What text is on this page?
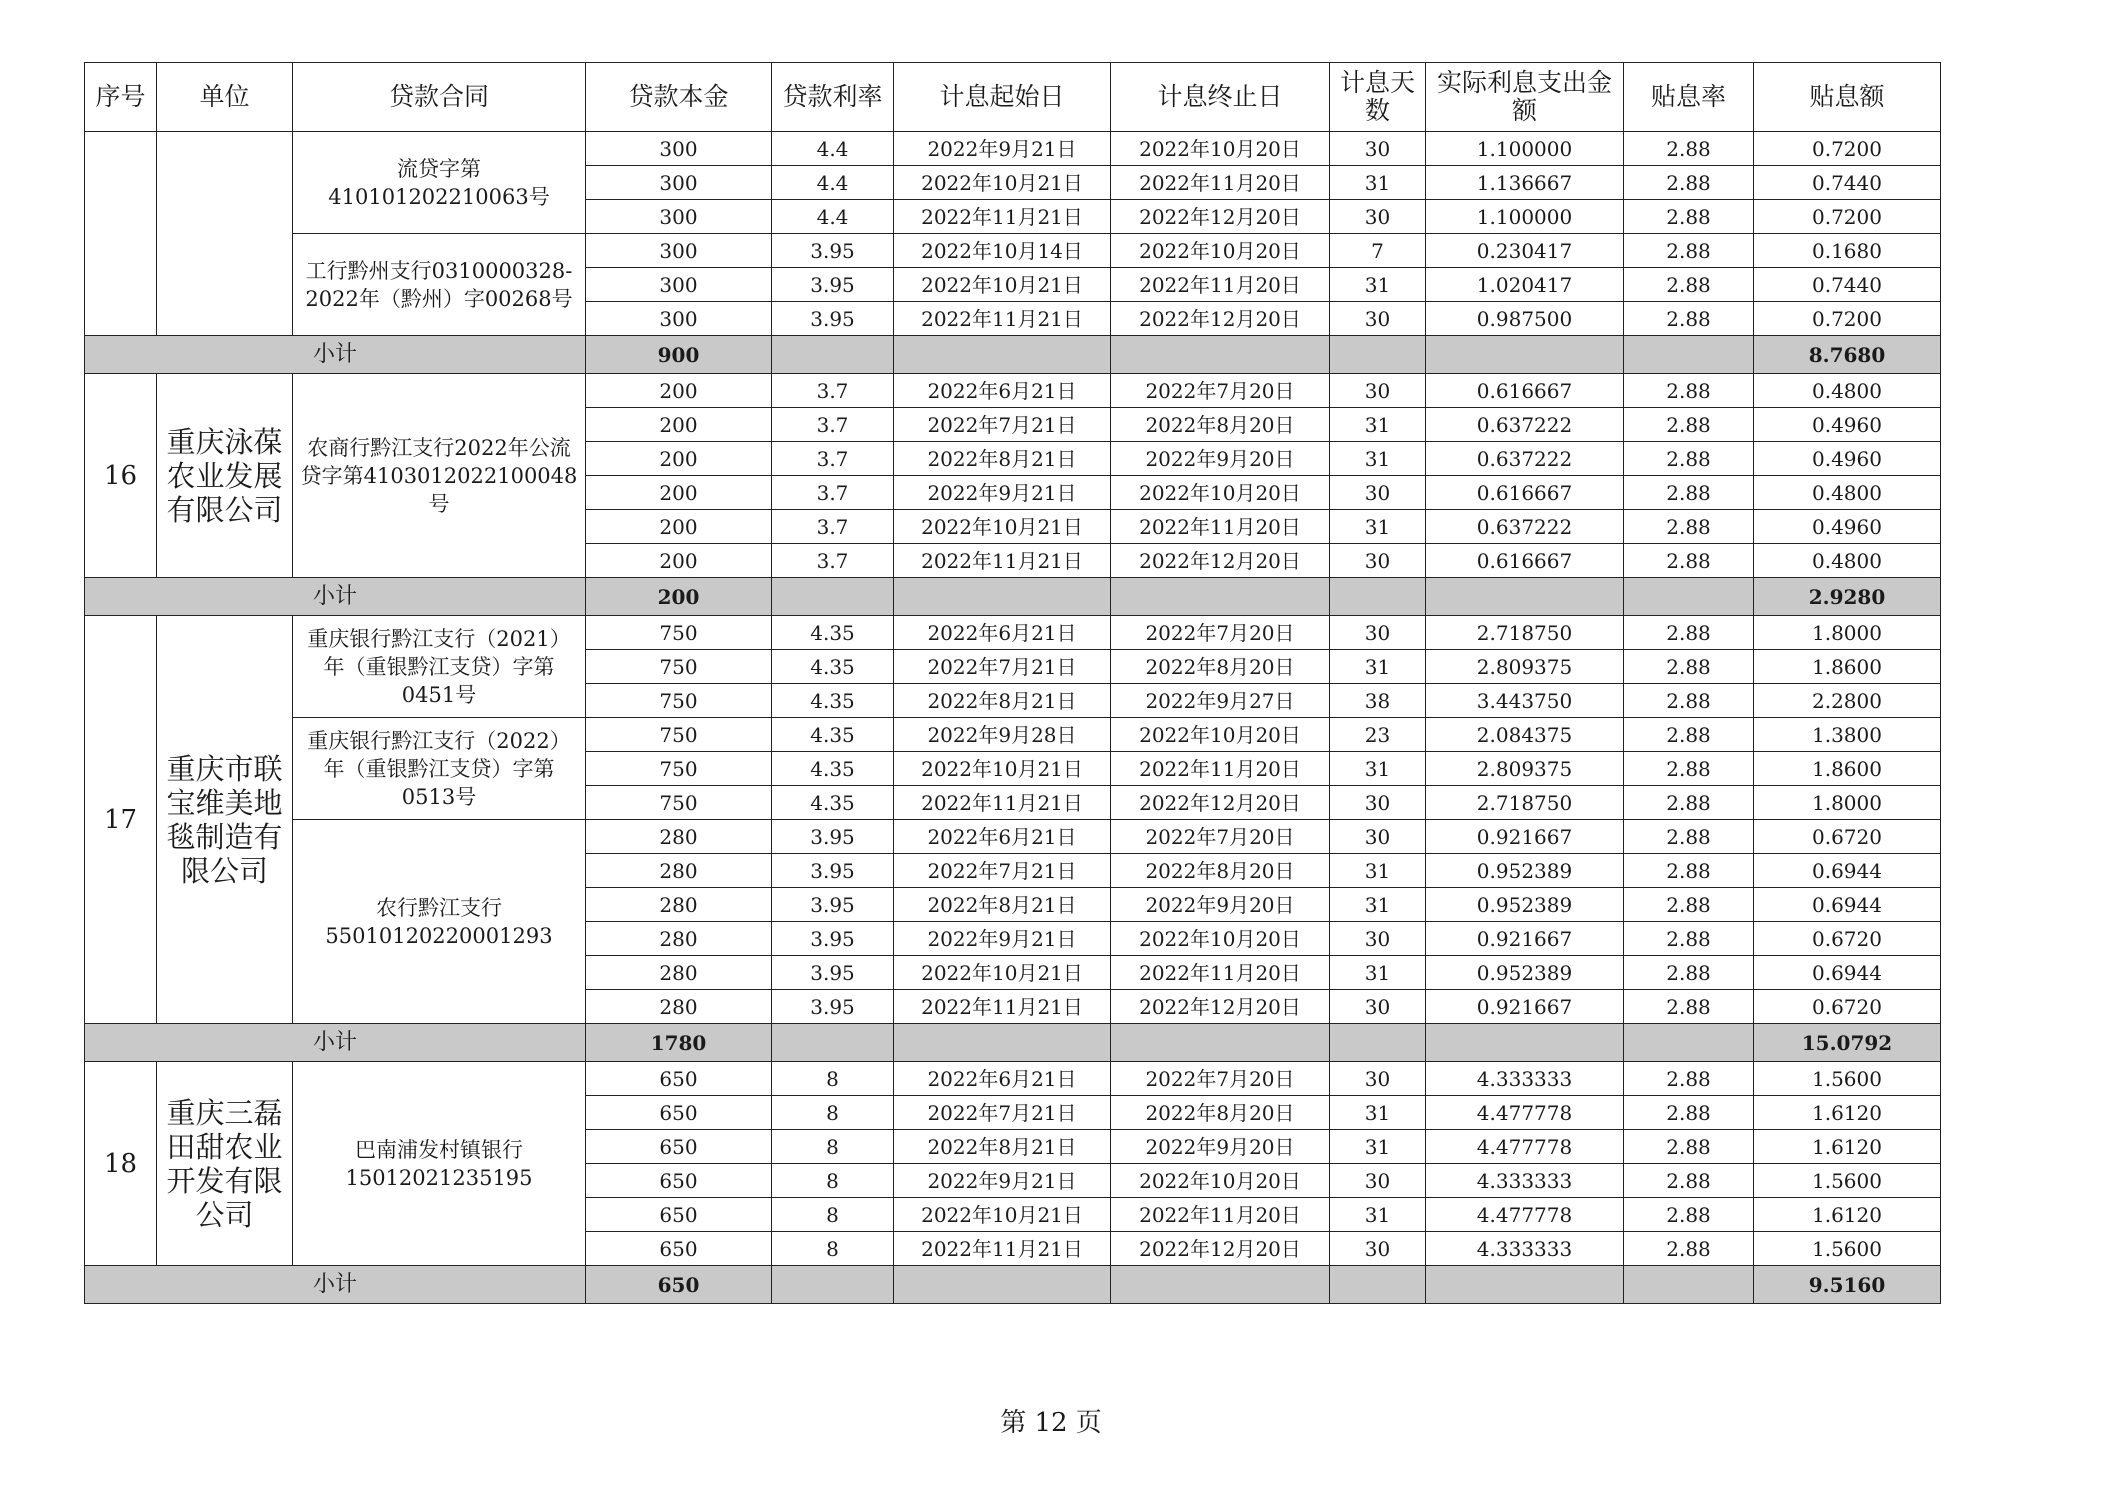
序号	单位	贷款合同	贷款本金	贷款利率	计息起始日	计息终止日	计息天数	实际利息支出金额	贴息率	贴息额
		流贷字第410101202210063号	300	4.4	2022年9月21日	2022年10月20日	30	1.100000	2.88	0.7200
			300	4.4	2022年10月21日	2022年11月20日	31	1.136667	2.88	0.7440
			300	4.4	2022年11月21日	2022年12月20日	30	1.100000	2.88	0.7200
		工行黔州支行0310000328-2022年（黔州）字00268号	300	3.95	2022年10月14日	2022年10月20日	7	0.230417	2.88	0.1680
			300	3.95	2022年10月21日	2022年11月20日	31	1.020417	2.88	0.7440
			300	3.95	2022年11月21日	2022年12月20日	30	0.987500	2.88	0.7200
小计			900							8.7680
16	重庆泳葆农业发展有限公司	农商行黔江支行2022年公流贷字第4103012022100048号	200	3.7	2022年6月21日	2022年7月20日	30	0.616667	2.88	0.4800
			200	3.7	2022年7月21日	2022年8月20日	31	0.637222	2.88	0.4960
			200	3.7	2022年8月21日	2022年9月20日	31	0.637222	2.88	0.4960
			200	3.7	2022年9月21日	2022年10月20日	30	0.616667	2.88	0.4800
			200	3.7	2022年10月21日	2022年11月20日	31	0.637222	2.88	0.4960
			200	3.7	2022年11月21日	2022年12月20日	30	0.616667	2.88	0.4800
小计			200							2.9280
17	重庆市联宝维美地毯制造有限公司	重庆银行黔江支行（2021）年（重银黔江支贷）字第0451号	750	4.35	2022年6月21日	2022年7月20日	30	2.718750	2.88	1.8000
			750	4.35	2022年7月21日	2022年8月20日	31	2.809375	2.88	1.8600
			750	4.35	2022年8月21日	2022年9月27日	38	3.443750	2.88	2.2800
		重庆银行黔江支行（2022）年（重银黔江支贷）字第0513号	750	4.35	2022年9月28日	2022年10月20日	23	2.084375	2.88	1.3800
			750	4.35	2022年10月21日	2022年11月20日	31	2.809375	2.88	1.8600
			750	4.35	2022年11月21日	2022年12月20日	30	2.718750	2.88	1.8000
		农行黔江支行55010120220001293	280	3.95	2022年6月21日	2022年7月20日	30	0.921667	2.88	0.6720
			280	3.95	2022年7月21日	2022年8月20日	31	0.952389	2.88	0.6944
			280	3.95	2022年8月21日	2022年9月20日	31	0.952389	2.88	0.6944
			280	3.95	2022年9月21日	2022年10月20日	30	0.921667	2.88	0.6720
			280	3.95	2022年10月21日	2022年11月20日	31	0.952389	2.88	0.6944
			280	3.95	2022年11月21日	2022年12月20日	30	0.921667	2.88	0.6720
小计			1780							15.0792
18	重庆三磊田甜农业开发有限公司	巴南浦发村镇银行15012021235195	650	8	2022年6月21日	2022年7月20日	30	4.333333	2.88	1.5600
			650	8	2022年7月21日	2022年8月20日	31	4.477778	2.88	1.6120
			650	8	2022年8月21日	2022年9月20日	31	4.477778	2.88	1.6120
			650	8	2022年9月21日	2022年10月20日	30	4.333333	2.88	1.5600
			650	8	2022年10月21日	2022年11月20日	31	4.477778	2.88	1.6120
			650	8	2022年11月21日	2022年12月20日	30	4.333333	2.88	1.5600
小计			650							9.5160
第 12 页
